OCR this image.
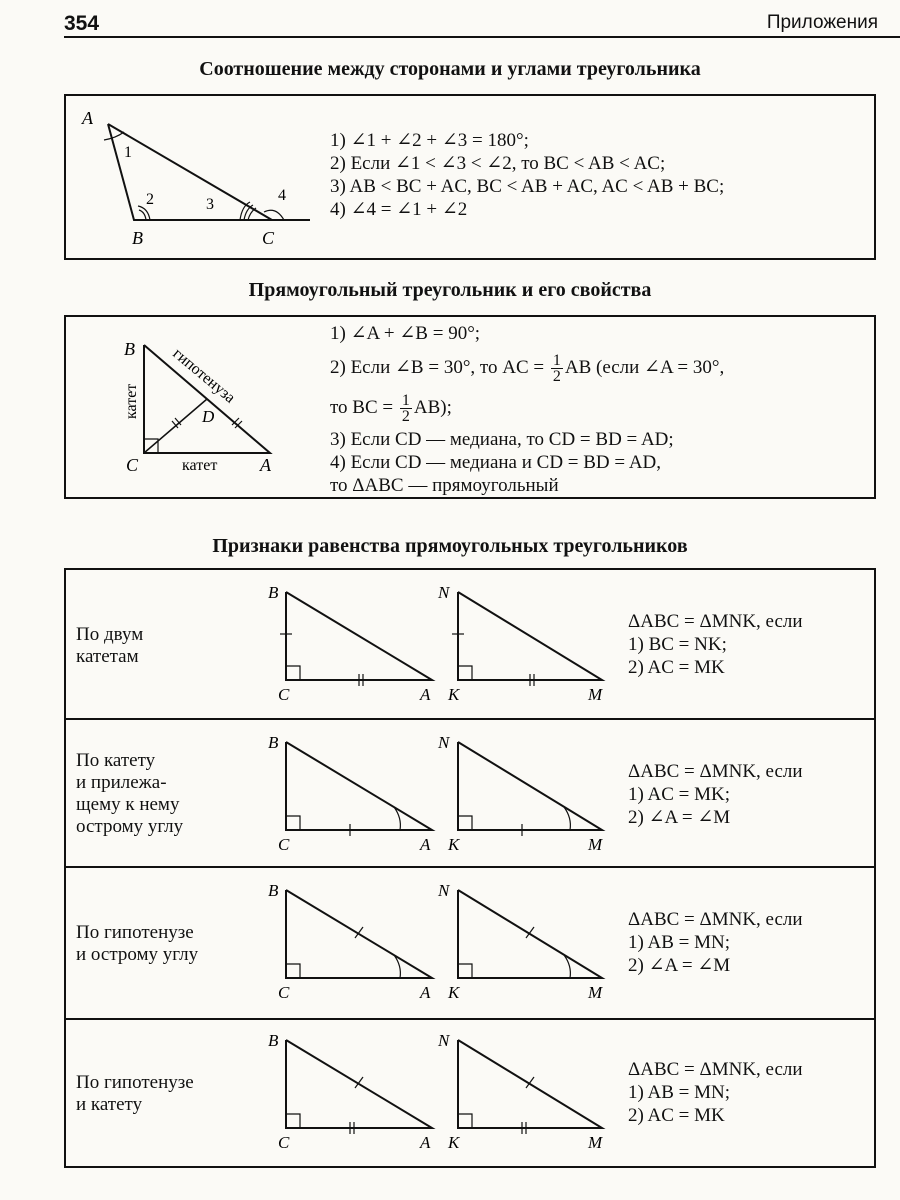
354	Приложения
Соотношение между сторонами и углами треугольника
A
1
2	3
4
B	C
1) ∠1 + ∠2 + ∠3 = 180°;
2) Если ∠1 < ∠3 < ∠2, то BC < AB < AC;
3) AB < BC + AC, BC < AB + AC, AC < AB + BC;
4) ∠4 = ∠1 + ∠2
Прямоугольный треугольник и его свойства
B
C	A
D
катет
катет гипотенуза
1) ∠A + ∠B = 90°;
2) Если ∠B = 30°, то AC = $\frac{1}{2}$ AB (если ∠A = 30°,
то BC = $\frac{1}{2} AB$);
3) Если CD — медиана, то CD = BD = AD;
4) Если CD — медиана и CD = BD = AD,
то ΔABC — прямоугольный
Признаки равенства прямоугольных треугольников
По двум
катетам
B
C	A
N
K	M
ΔABC = ΔMNK, если
1) BC = NK;
2) AC = MK
По катету
и прилежа-
щему к нему
острому углу
B
C	A
N
K	M
ΔABC = ΔMNK, если
1) AC = MK;
2) ∠A = ∠M
По гипотенузе
и острому углу
B
C	A
N
K	M
ΔABC = ΔMNK, если
1) AB = MN;
2) ∠A = ∠M
По гипотенузе
и катету
B
C	A
N
K	M
ΔABC = ΔMNK, если
1) AB = MN;
2) AC = MK
